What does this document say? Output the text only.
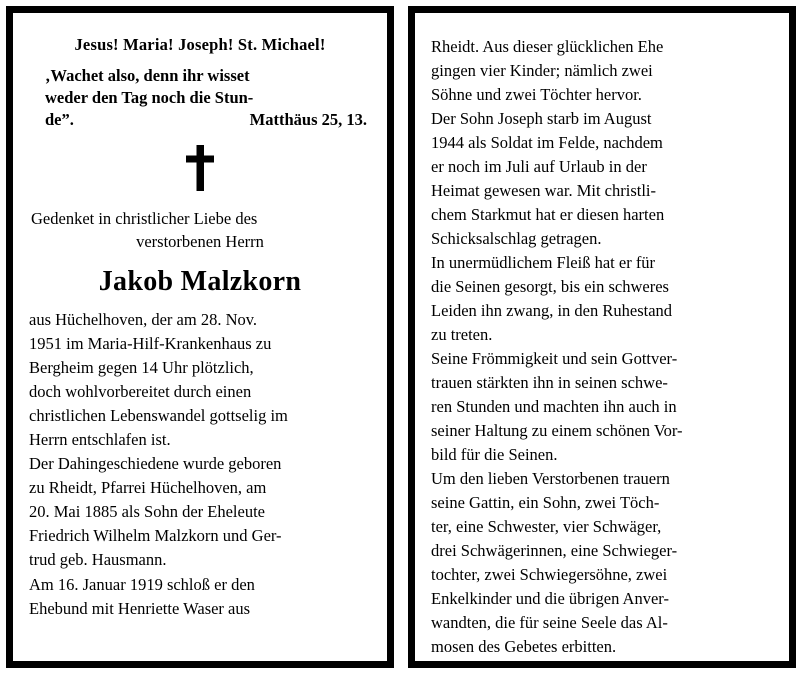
Jesus! Maria! Joseph! St. Michael!
‚Wachet also, denn ihr wisset
weder den Tag noch die Stun-
de”.	Matthäus 25, 13.
Gedenket in christlicher Liebe des
verstorbenen Herrn
Jakob Malzkorn

aus Hüchelhoven, der am 28. Nov.
1951 im Maria-Hilf-Krankenhaus zu
Bergheim gegen 14 Uhr plötzlich,
doch wohlvorbereitet durch einen
christlichen Lebenswandel gottselig im
Herrn entschlafen ist.

Der Dahingeschiedene wurde geboren
zu Rheidt, Pfarrei Hüchelhoven, am
20. Mai 1885 als Sohn der Eheleute
Friedrich Wilhelm Malzkorn und Ger-
trud geb. Hausmann.

Am 16. Januar 1919 schloß er den
Ehebund mit Henriette Waser aus

Rheidt. Aus dieser glücklichen Ehe
gingen vier Kinder; nämlich zwei
Söhne und zwei Töchter hervor.

Der Sohn Joseph starb im August
1944 als Soldat im Felde, nachdem
er noch im Juli auf Urlaub in der
Heimat gewesen war. Mit christli-
chem Starkmut hat er diesen harten
Schicksalschlag getragen.

In unermüdlichem Fleiß hat er für
die Seinen gesorgt, bis ein schweres
Leiden ihn zwang, in den Ruhestand
zu treten.

Seine Frömmigkeit und sein Gottver-
trauen stärkten ihn in seinen schwe-
ren Stunden und machten ihn auch in
seiner Haltung zu einem schönen Vor-
bild für die Seinen.

Um den lieben Verstorbenen trauern
seine Gattin, ein Sohn, zwei Töch-
ter, eine Schwester, vier Schwäger,
drei Schwägerinnen, eine Schwieger-
tochter, zwei Schwiegersöhne, zwei
Enkelkinder und die übrigen Anver-
wandten, die für seine Seele das Al-
mosen des Gebetes erbitten.
